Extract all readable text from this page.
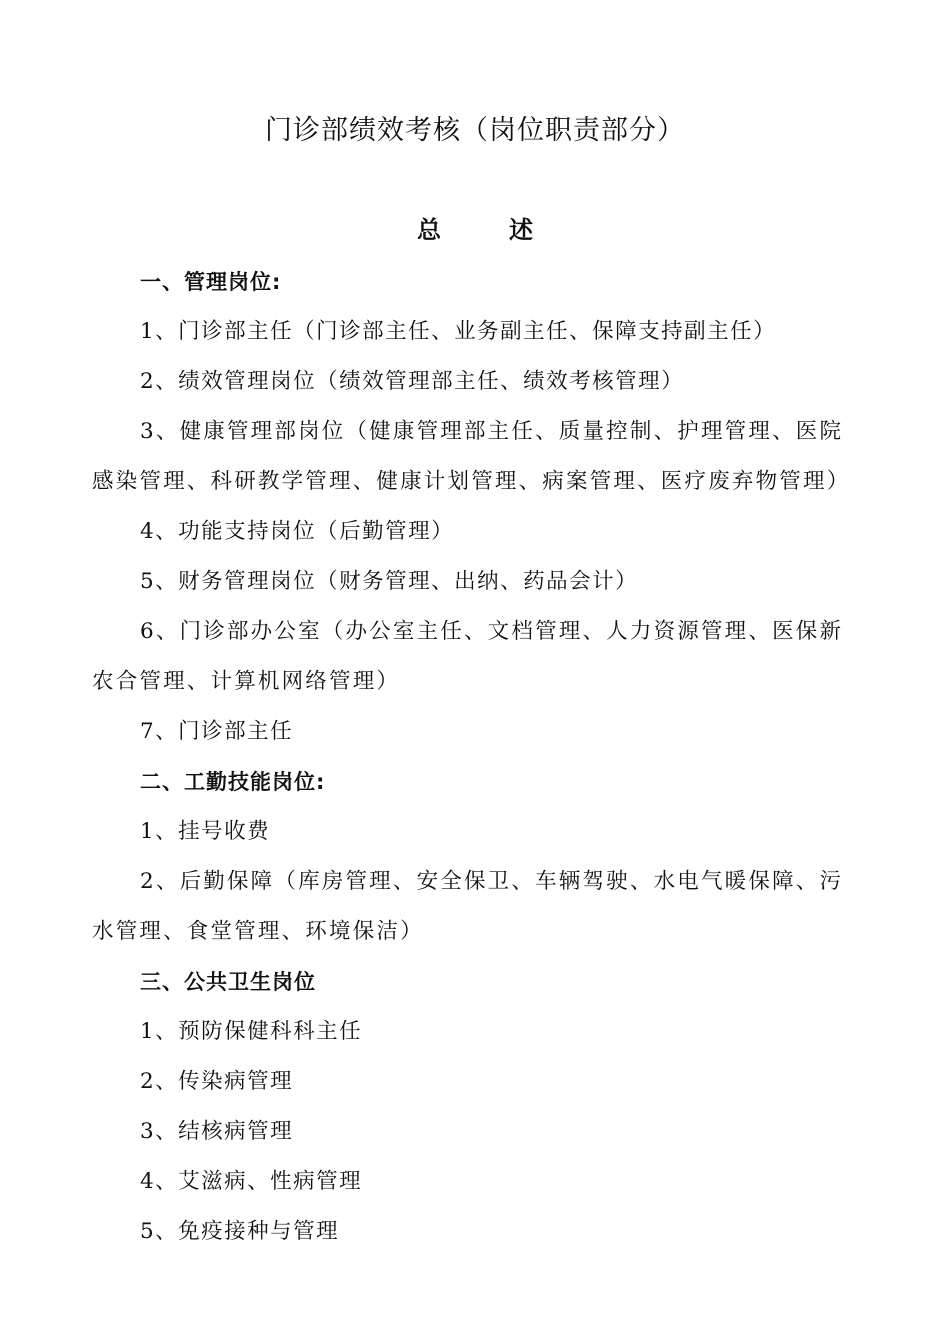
门诊部绩效考核（岗位职责部分）
总	述

一、管理岗位:

1、门诊部主任（门诊部主任、业务副主任、保障支持副主任）

2、绩效管理岗位（绩效管理部主任、绩效考核管理）

3、健康管理部岗位（健康管理部主任、质量控制、护理管理、医院感染管理、科研教学管理、健康计划管理、病案管理、医疗废弃物管理）

4、功能支持岗位（后勤管理）

5、财务管理岗位（财务管理、出纳、药品会计）

6、门诊部办公室（办公室主任、文档管理、人力资源管理、医保新农合管理、计算机网络管理）

7、门诊部主任

二、工勤技能岗位:

1、挂号收费

2、后勤保障（库房管理、安全保卫、车辆驾驶、水电气暖保障、污水管理、食堂管理、环境保洁）

三、公共卫生岗位

1、预防保健科科主任

2、传染病管理

3、结核病管理

4、艾滋病、性病管理

5、免疫接种与管理
